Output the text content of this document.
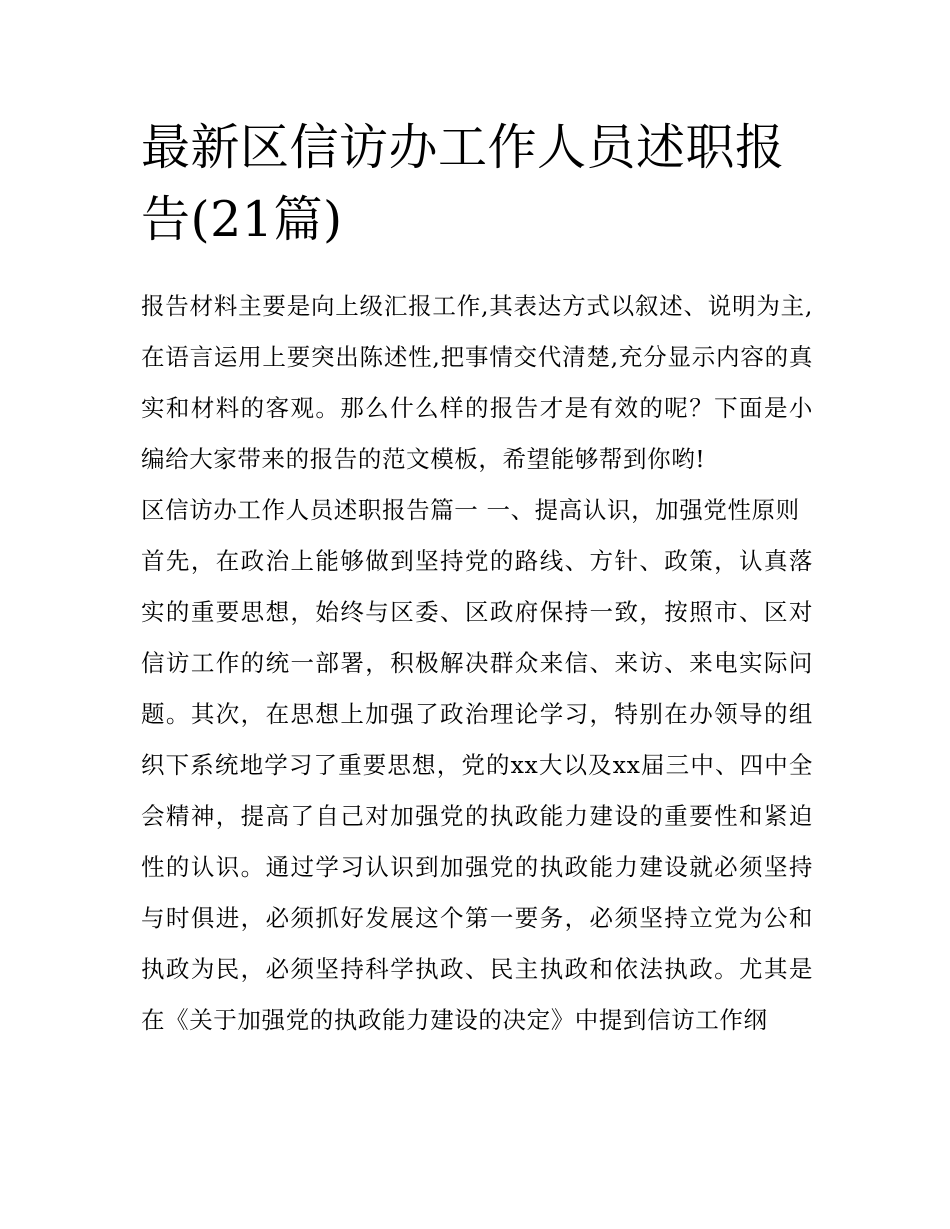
最新区信访办工作人员述职报告(21篇)

报告材料主要是向上级汇报工作,其表达方式以叙述、说明为主,在语言运用上要突出陈述性,把事情交代清楚,充分显示内容的真实和材料的客观。那么什么样的报告才是有效的呢？下面是小编给大家带来的报告的范文模板，希望能够帮到你哟!

区信访办工作人员述职报告篇一 一、提高认识，加强党性原则

首先，在政治上能够做到坚持党的路线、方针、政策，认真落实的重要思想，始终与区委、区政府保持一致，按照市、区对信访工作的统一部署，积极解决群众来信、来访、来电实际问题。其次，在思想上加强了政治理论学习，特别在办领导的组织下系统地学习了重要思想，党的xx大以及xx届三中、四中全会精神，提高了自己对加强党的执政能力建设的重要性和紧迫性的认识。通过学习认识到加强党的执政能力建设就必须坚持与时俱进，必须抓好发展这个第一要务，必须坚持立党为公和执政为民，必须坚持科学执政、民主执政和依法执政。尤其是在《关于加强党的执政能力建设的决定》中提到信访工作纲
